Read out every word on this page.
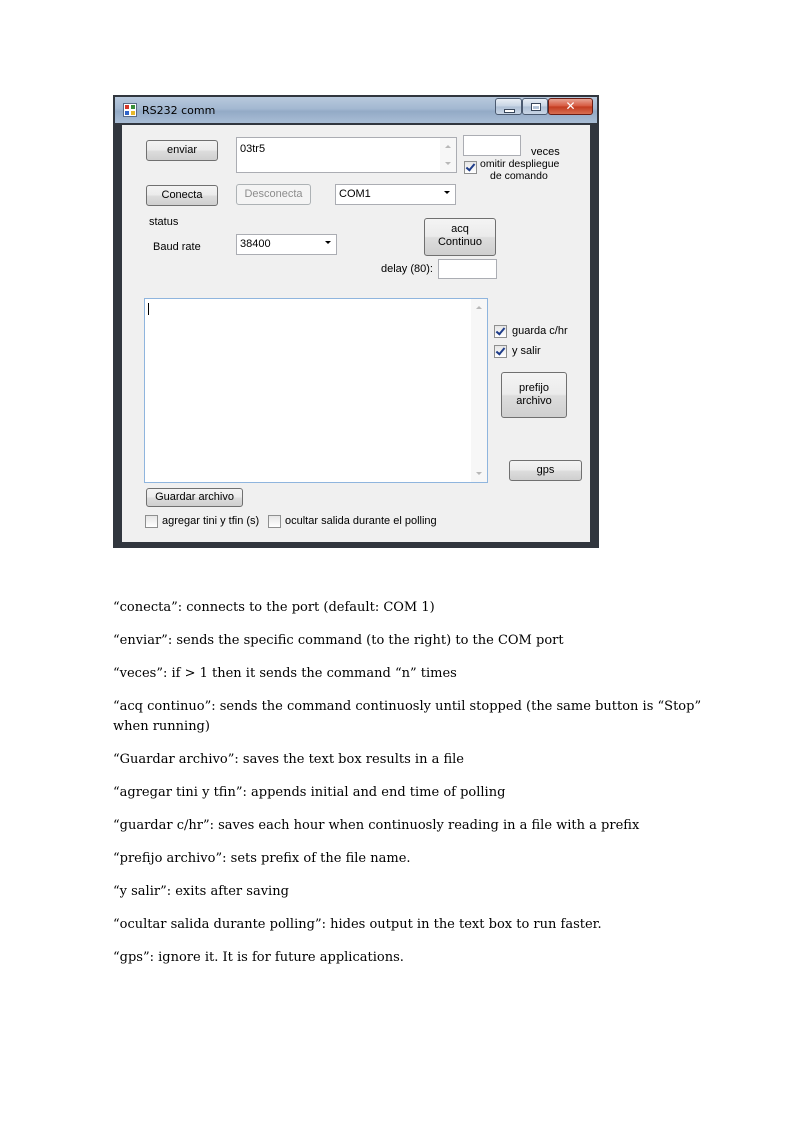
RS232 comm	✕
enviar	03tr5	veces
omitir despliegue
de comando
Conecta	Desconecta	COM1
status
acq
Continuo
Baud rate	38400
delay (80):
guarda c/hr
y salir
prefijo
archivo
gps
Guardar archivo
agregar tini y tfin (s) ocultar salida durante el polling
“conecta”: connects to the port (default: COM 1)
“enviar”: sends the specific command (to the right) to the COM port
“veces”: if > 1 then it sends the command “n” times
“acq continuo”: sends the command continuosly until stopped (the same button is “Stop”
when running)
“Guardar archivo”: saves the text box results in a file
“agregar tini y tfin”: appends initial and end time of polling
“guardar c/hr”: saves each hour when continuosly reading in a file with a prefix
“prefijo archivo”: sets prefix of the file name.
“y salir”: exits after saving
“ocultar salida durante polling”: hides output in the text box to run faster.
“gps”: ignore it. It is for future applications.
